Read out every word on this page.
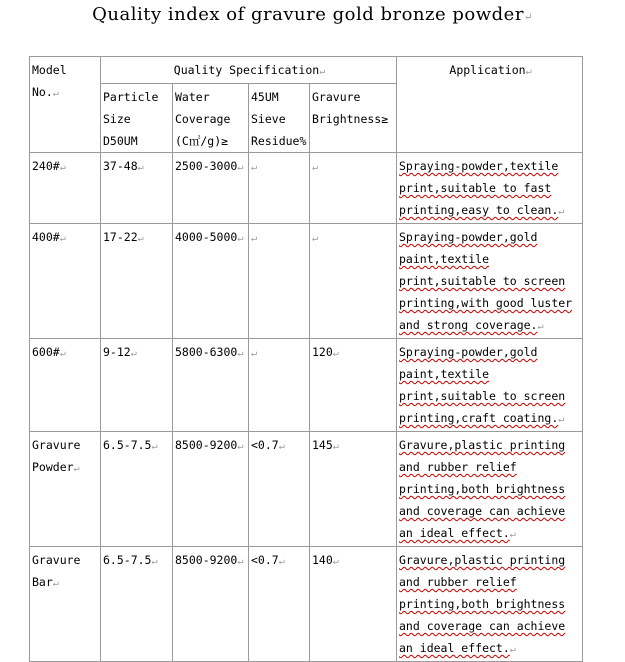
Quality index of gravure gold bronze powder↵
Model No.↵	Quality Specification↵				Application↵
	Particle Size D50UM	Water Coverage (C㎡/g)≥	45UM Sieve Residue%	Gravure Brightness≥	
240#↵	37-48↵	2500-3000↵	↵	↵	Spraying-powder,textile print,suitable to fast printing,easy to clean.↵
400#↵	17-22↵	4000-5000↵	↵	↵	Spraying-powder,gold paint,textile print,suitable to screen printing,with good luster and strong coverage.↵
600#↵	9-12↵	5800-6300↵	↵	120↵	Spraying-powder,gold paint,textile print,suitable to screen printing,craft coating.↵
Gravure Powder↵	6.5-7.5↵	8500-9200↵	<0.7↵	145↵	Gravure,plastic printing and rubber relief printing,both brightness and coverage can achieve an ideal effect.↵
Gravure Bar↵	6.5-7.5↵	8500-9200↵	<0.7↵	140↵	Gravure,plastic printing and rubber relief printing,both brightness and coverage can achieve an ideal effect.↵
